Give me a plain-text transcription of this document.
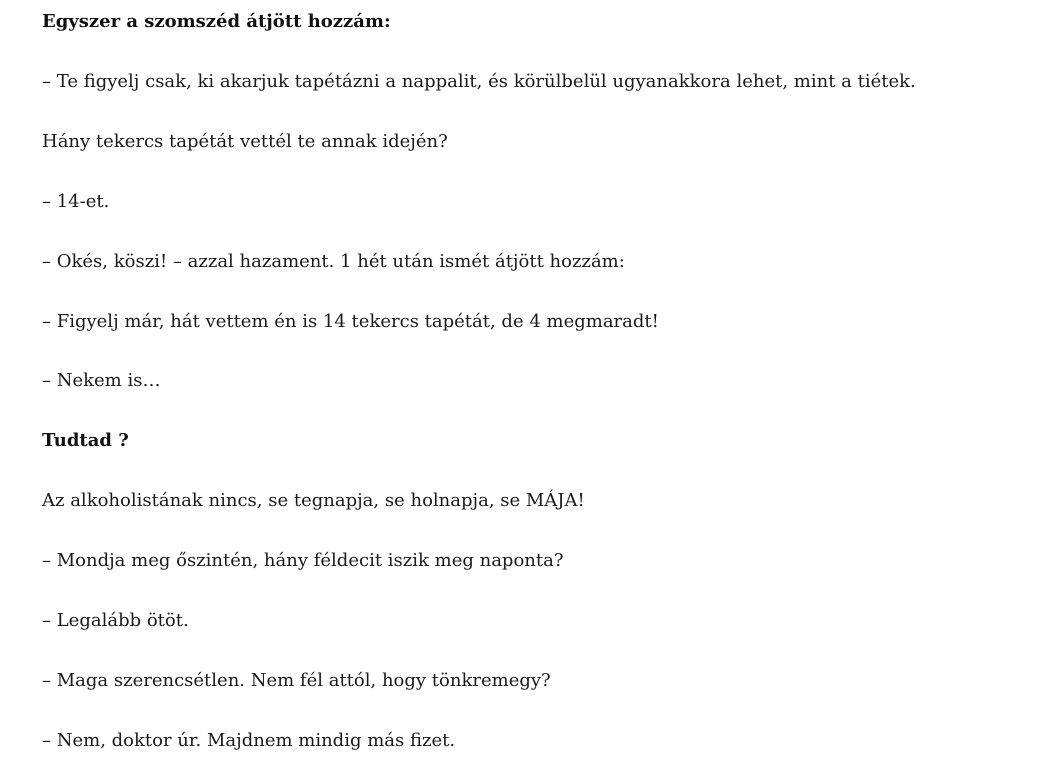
Egyszer a szomszéd átjött hozzám:

– Te figyelj csak, ki akarjuk tapétázni a nappalit, és körülbelül ugyanakkora lehet, mint a tiétek.

Hány tekercs tapétát vettél te annak idején?

– 14-et.

– Okés, köszi! – azzal hazament. 1 hét után ismét átjött hozzám:

– Figyelj már, hát vettem én is 14 tekercs tapétát, de 4 megmaradt!

– Nekem is…

Tudtad ?

Az alkoholistának nincs, se tegnapja, se holnapja, se MÁJA!

– Mondja meg őszintén, hány féldecit iszik meg naponta?

– Legalább ötöt.

– Maga szerencsétlen. Nem fél attól, hogy tönkremegy?

– Nem, doktor úr. Majdnem mindig más fizet.
